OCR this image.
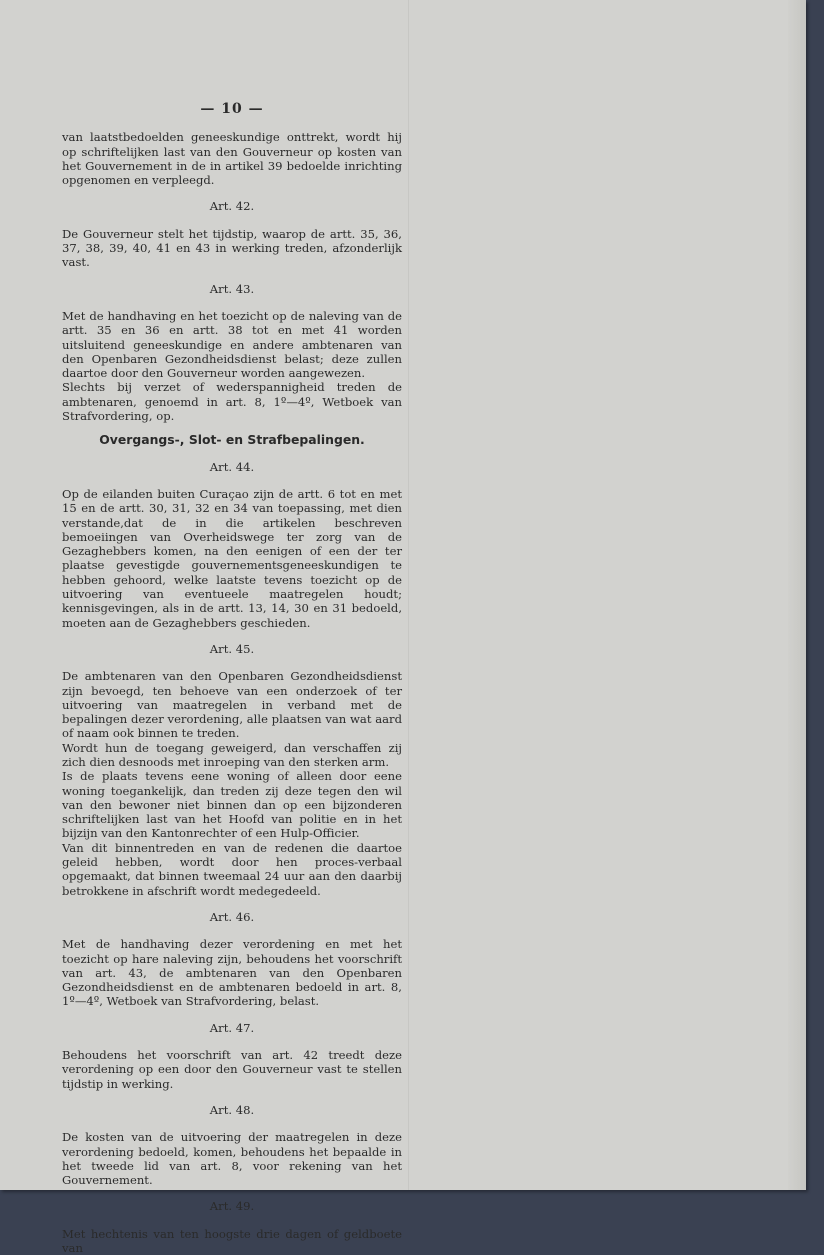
— 10 —
van laatstbedoelden geneeskundige onttrekt, wordt hij op schriftelijken last van den Gouverneur op kosten van het Gouvernement in de in artikel 39 bedoelde inrichting opgenomen en verpleegd.
Art. 42.
De Gouverneur stelt het tijdstip, waarop de artt. 35, 36, 37, 38, 39, 40, 41 en 43 in werking treden, afzonderlijk vast.
Art. 43.
Met de handhaving en het toezicht op de naleving van de artt. 35 en 36 en artt. 38 tot en met 41 worden uitsluitend geneeskundige en andere ambtenaren van den Openbaren Gezondheidsdienst belast; deze zullen daartoe door den Gouverneur worden aangewezen.
Slechts bij verzet of wederspannigheid treden de ambtenaren, genoemd in art. 8, 1º—4º, Wetboek van Strafvordering, op.
Overgangs-, Slot- en Strafbepalingen.
Art. 44.
Op de eilanden buiten Curaçao zijn de artt. 6 tot en met 15 en de artt. 30, 31, 32 en 34 van toepassing, met dien verstande,dat de in die artikelen beschreven bemoeiingen van Overheidswege ter zorg van de Gezaghebbers komen, na den eenigen of een der ter plaatse gevestigde gouvernementsgeneeskundigen te hebben gehoord, welke laatste tevens toezicht op de uitvoering van eventueele maatregelen houdt; kennisgevingen, als in de artt. 13, 14, 30 en 31 bedoeld, moeten aan de Gezaghebbers geschieden.
Art. 45.
De ambtenaren van den Openbaren Gezondheidsdienst zijn bevoegd, ten behoeve van een onderzoek of ter uitvoering van maatregelen in verband met de bepalingen dezer verordening, alle plaatsen van wat aard of naam ook binnen te treden.
Wordt hun de toegang geweigerd, dan verschaffen zij zich dien desnoods met inroeping van den sterken arm.
Is de plaats tevens eene woning of alleen door eene woning toegankelijk, dan treden zij deze tegen den wil van den bewoner niet binnen dan op een bijzonderen schriftelijken last van het Hoofd van politie en in het bijzijn van den Kantonrechter of een Hulp-Officier.
Van dit binnentreden en van de redenen die daartoe geleid hebben, wordt door hen proces-verbaal opgemaakt, dat binnen tweemaal 24 uur aan den daarbij betrokkene in afschrift wordt medegedeeld.
Art. 46.
Met de handhaving dezer verordening en met het toezicht op hare naleving zijn, behoudens het voorschrift van art. 43, de ambtenaren van den Openbaren Gezondheidsdienst en de ambtenaren bedoeld in art. 8, 1º—4º, Wetboek van Strafvordering, belast.
Art. 47.
Behoudens het voorschrift van art. 42 treedt deze verordening op een door den Gouverneur vast te stellen tijdstip in werking.
Art. 48.
De kosten van de uitvoering der maatregelen in deze verordening bedoeld, komen, behoudens het bepaalde in het tweede lid van art. 8, voor rekening van het Gouvernement.
Art. 49.
Met hechtenis van ten hoogste drie dagen of geldboete van
